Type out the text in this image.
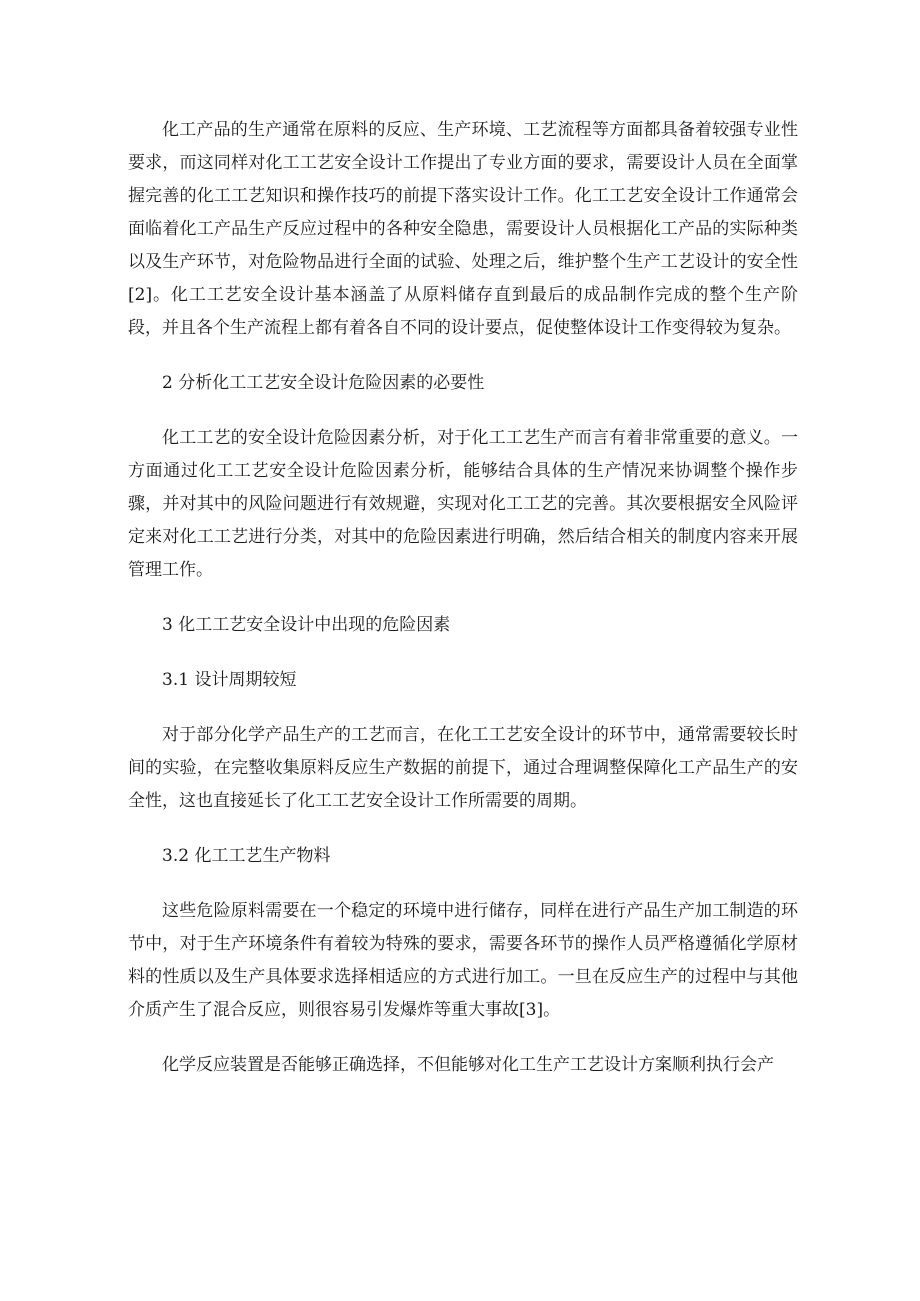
化工产品的生产通常在原料的反应、生产环境、工艺流程等方面都具备着较强专业性要求，而这同样对化工工艺安全设计工作提出了专业方面的要求，需要设计人员在全面掌握完善的化工工艺知识和操作技巧的前提下落实设计工作。化工工艺安全设计工作通常会面临着化工产品生产反应过程中的各种安全隐患，需要设计人员根据化工产品的实际种类以及生产环节，对危险物品进行全面的试验、处理之后，维护整个生产工艺设计的安全性[2]。化工工艺安全设计基本涵盖了从原料储存直到最后的成品制作完成的整个生产阶段，并且各个生产流程上都有着各自不同的设计要点，促使整体设计工作变得较为复杂。

2 分析化工工艺安全设计危险因素的必要性

化工工艺的安全设计危险因素分析，对于化工工艺生产而言有着非常重要的意义。一方面通过化工工艺安全设计危险因素分析，能够结合具体的生产情况来协调整个操作步骤，并对其中的风险问题进行有效规避，实现对化工工艺的完善。其次要根据安全风险评定来对化工工艺进行分类，对其中的危险因素进行明确，然后结合相关的制度内容来开展管理工作。

3 化工工艺安全设计中出现的危险因素

3.1 设计周期较短

对于部分化学产品生产的工艺而言，在化工工艺安全设计的环节中，通常需要较长时间的实验，在完整收集原料反应生产数据的前提下，通过合理调整保障化工产品生产的安全性，这也直接延长了化工工艺安全设计工作所需要的周期。

3.2 化工工艺生产物料

这些危险原料需要在一个稳定的环境中进行储存，同样在进行产品生产加工制造的环节中，对于生产环境条件有着较为特殊的要求，需要各环节的操作人员严格遵循化学原材料的性质以及生产具体要求选择相适应的方式进行加工。一旦在反应生产的过程中与其他介质产生了混合反应，则很容易引发爆炸等重大事故[3]。

化学反应装置是否能够正确选择，不但能够对化工生产工艺设计方案顺利执行会产
